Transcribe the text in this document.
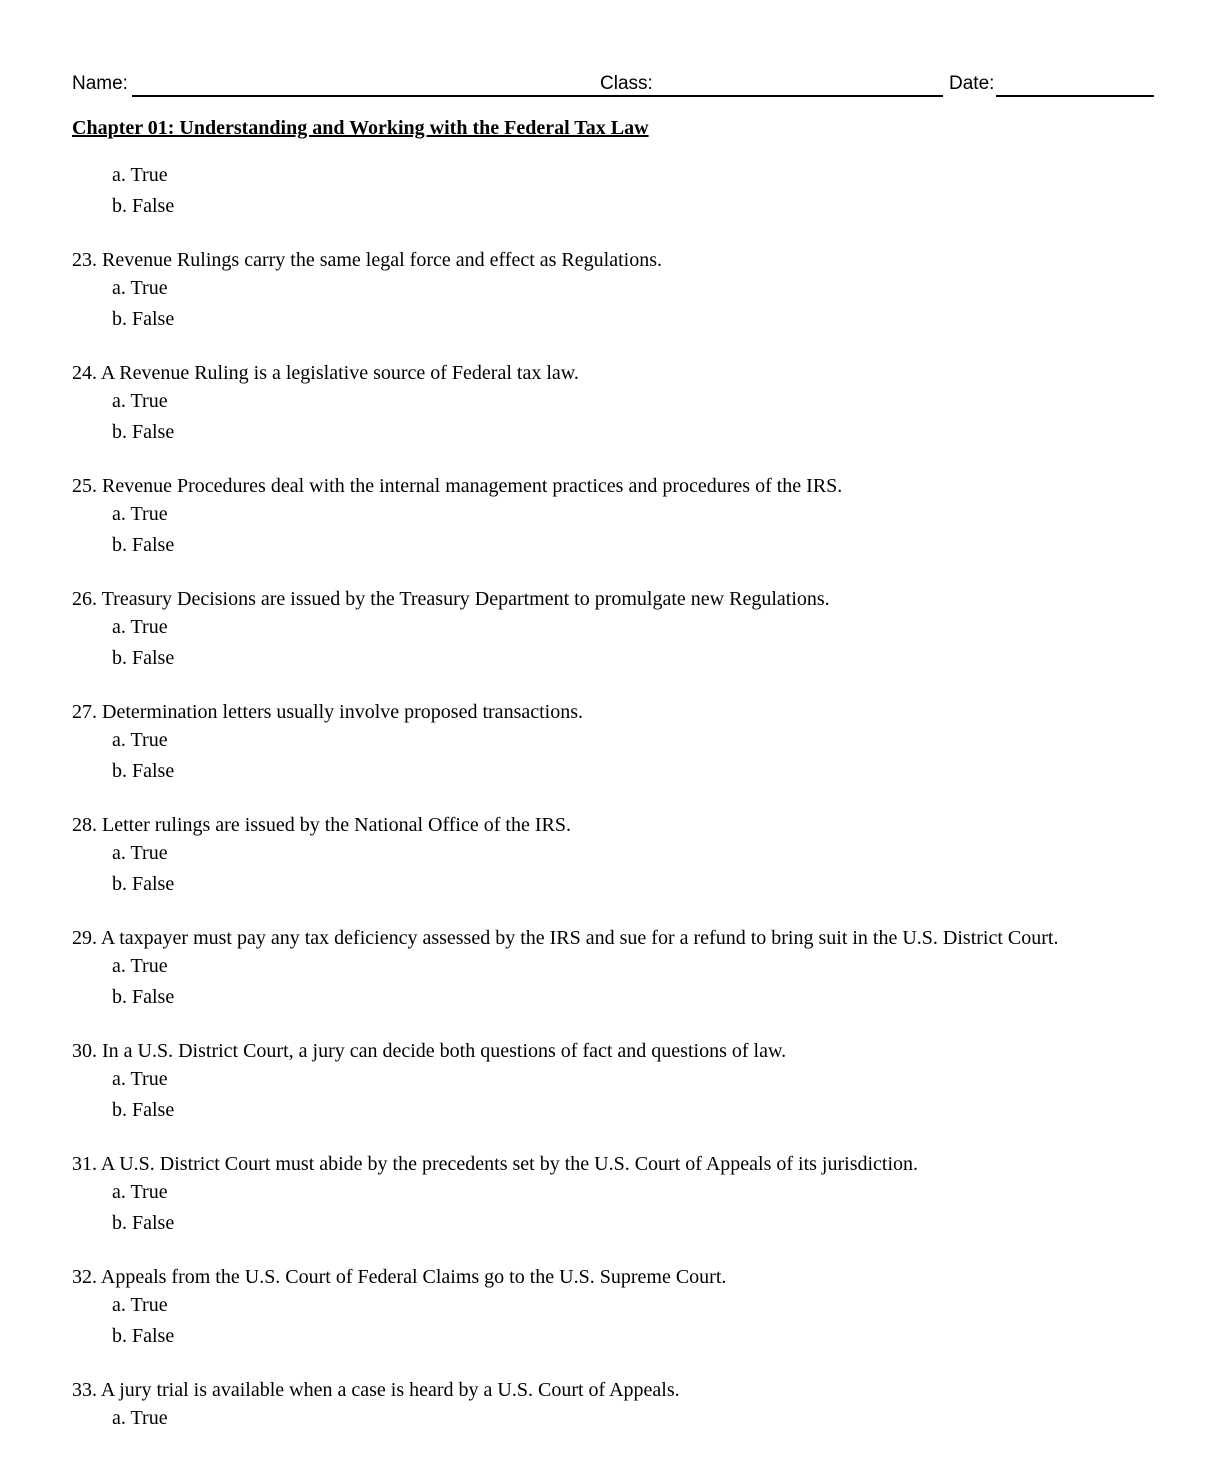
Name:	Class:	Date:
Chapter 01: Understanding and Working with the Federal Tax Law
a. True
b. False
23. Revenue Rulings carry the same legal force and effect as Regulations.
a. True
b. False
24. A Revenue Ruling is a legislative source of Federal tax law.
a. True
b. False
25. Revenue Procedures deal with the internal management practices and procedures of the IRS.
a. True
b. False
26. Treasury Decisions are issued by the Treasury Department to promulgate new Regulations.
a. True
b. False
27. Determination letters usually involve proposed transactions.
a. True
b. False
28. Letter rulings are issued by the National Office of the IRS.
a. True
b. False
29. A taxpayer must pay any tax deficiency assessed by the IRS and sue for a refund to bring suit in the U.S. District Court.
a. True
b. False
30. In a U.S. District Court, a jury can decide both questions of fact and questions of law.
a. True
b. False
31. A U.S. District Court must abide by the precedents set by the U.S. Court of Appeals of its jurisdiction.
a. True
b. False
32. Appeals from the U.S. Court of Federal Claims go to the U.S. Supreme Court.
a. True
b. False
33. A jury trial is available when a case is heard by a U.S. Court of Appeals.
a. True
